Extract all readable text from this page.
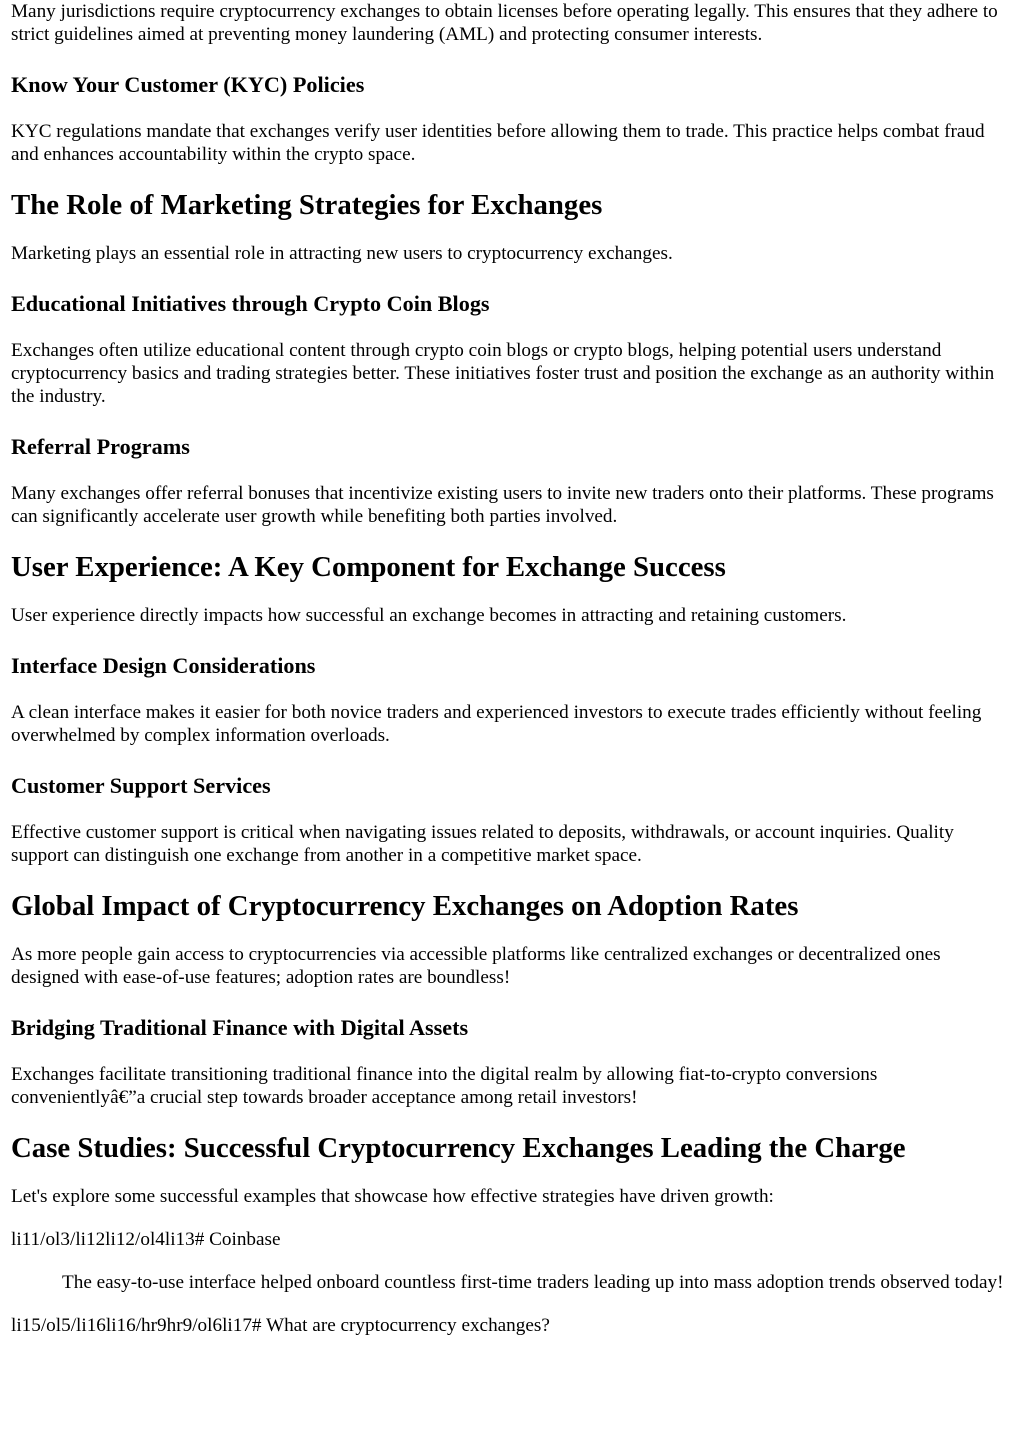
Many jurisdictions require cryptocurrency exchanges to obtain licenses before operating legally. This ensures that they adhere to strict guidelines aimed at preventing money laundering (AML) and protecting consumer interests.

Know Your Customer (KYC) Policies

KYC regulations mandate that exchanges verify user identities before allowing them to trade. This practice helps combat fraud and enhances accountability within the crypto space.

The Role of Marketing Strategies for Exchanges

Marketing plays an essential role in attracting new users to cryptocurrency exchanges.

Educational Initiatives through Crypto Coin Blogs

Exchanges often utilize educational content through crypto coin blogs or crypto blogs, helping potential users understand cryptocurrency basics and trading strategies better. These initiatives foster trust and position the exchange as an authority within the industry.

Referral Programs

Many exchanges offer referral bonuses that incentivize existing users to invite new traders onto their platforms. These programs can significantly accelerate user growth while benefiting both parties involved.

User Experience: A Key Component for Exchange Success

User experience directly impacts how successful an exchange becomes in attracting and retaining customers.

Interface Design Considerations

A clean interface makes it easier for both novice traders and experienced investors to execute trades efficiently without feeling overwhelmed by complex information overloads.

Customer Support Services

Effective customer support is critical when navigating issues related to deposits, withdrawals, or account inquiries. Quality support can distinguish one exchange from another in a competitive market space.

Global Impact of Cryptocurrency Exchanges on Adoption Rates

As more people gain access to cryptocurrencies via accessible platforms like centralized exchanges or decentralized ones designed with ease-of-use features; adoption rates are boundless!

Bridging Traditional Finance with Digital Assets

Exchanges facilitate transitioning traditional finance into the digital realm by allowing fiat-to-crypto conversions convenientlyâ€”a crucial step towards broader acceptance among retail investors!

Case Studies: Successful Cryptocurrency Exchanges Leading the Charge

Let's explore some successful examples that showcase how effective strategies have driven growth:

li11/ol3/li12li12/ol4li13# Coinbase

The easy-to-use interface helped onboard countless first-time traders leading up into mass adoption trends observed today!

li15/ol5/li16li16/hr9hr9/ol6li17# What are cryptocurrency exchanges?
